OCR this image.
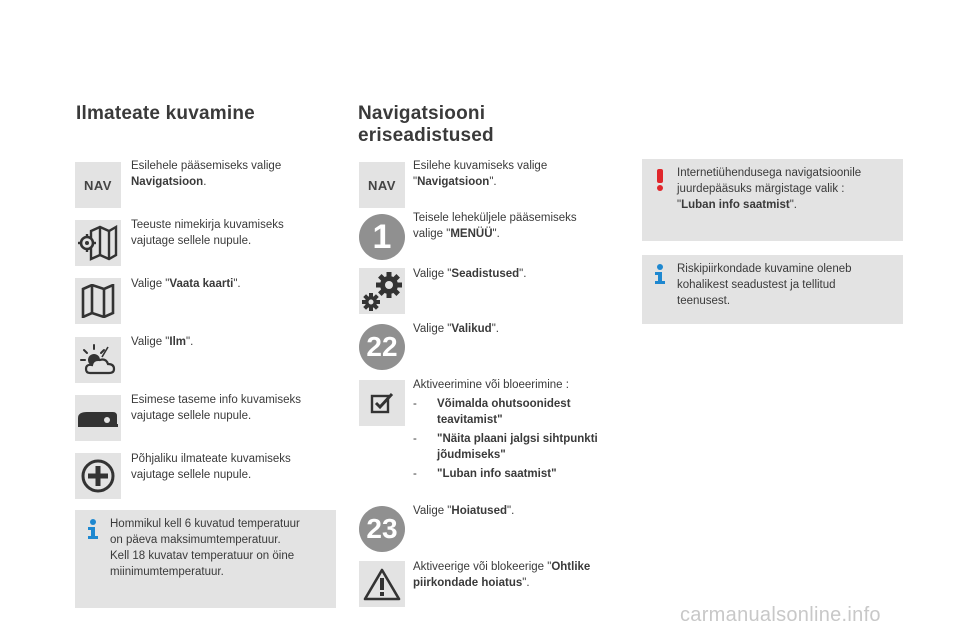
Ilmateate kuvamine
NAV
Esilehele pääsemiseks valige
Navigatsioon.
Teeuste nimekirja kuvamiseks
vajutage sellele nupule.
Valige "Vaata kaarti".
Valige "Ilm".
Esimese taseme info kuvamiseks
vajutage sellele nupule.
Põhjaliku ilmateate kuvamiseks
vajutage sellele nupule.
Hommikul kell 6 kuvatud temperatuur
on päeva maksimumtemperatuur.
Kell 18 kuvatav temperatuur on öine
miinimumtemperatuur.
Navigatsiooni
eriseadistused
NAV
Esilehe kuvamiseks valige
"Navigatsioon".
1	Teisele leheküljele pääsemiseks
valige "MENÜÜ".
Valige "Seadistused".
22
Valige "Valikud".
Aktiveerimine või bloeerimine :
-	Võimalda ohutsoonidest
teavitamist"
-	"Näita plaani jalgsi sihtpunkti
jõudmiseks"
-	"Luban info saatmist"
23
Valige "Hoiatused".
Aktiveerige või blokeerige "Ohtlike
piirkondade hoiatus".
Internetiühendusega navigatsioonile
juurdepääsuks märgistage valik :
"Luban info saatmist".
Riskipiirkondade kuvamine oleneb
kohalikest seadustest ja tellitud
teenusest.
carmanualsonline.info
